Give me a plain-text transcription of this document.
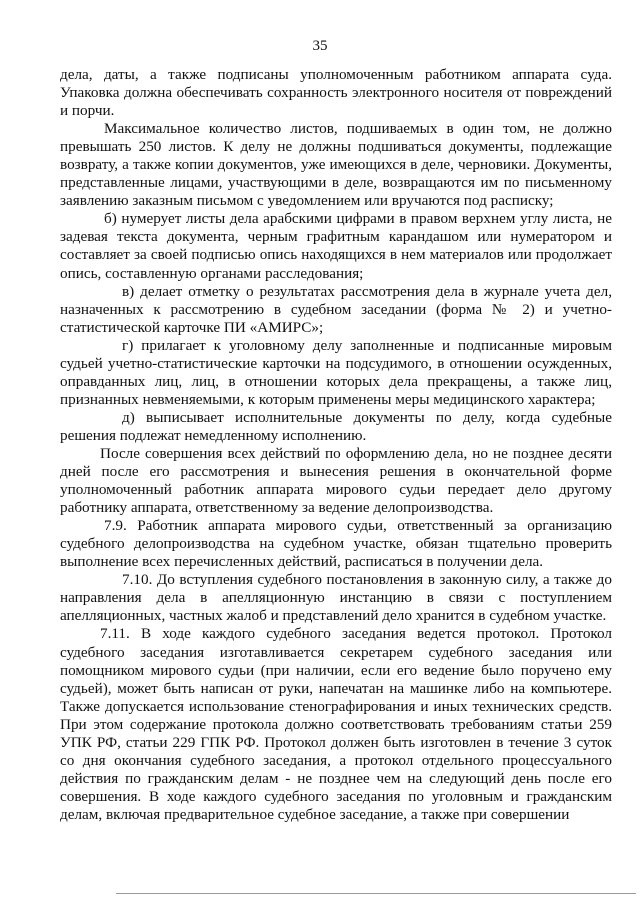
35

дела, даты, а также подписаны уполномоченным работником аппарата суда. Упаковка должна обеспечивать сохранность электронного носителя от повреждений и порчи.

Максимальное количество листов, подшиваемых в один том, не должно превышать 250 листов. К делу не должны подшиваться документы, подлежащие возврату, а также копии документов, уже имеющихся в деле, черновики. Документы, представленные лицами, участвующими в деле, возвращаются им по письменному заявлению заказным письмом с уведомлением или вручаются под расписку;

б) нумерует листы дела арабскими цифрами в правом верхнем углу листа, не задевая текста документа, черным графитным карандашом или нумератором и составляет за своей подписью опись находящихся в нем материалов или продолжает опись, составленную органами расследования;

в) делает отметку о результатах рассмотрения дела в журнале учета дел, назначенных к рассмотрению в судебном заседании (форма № 2) и учетно-статистической карточке ПИ «АМИРС»;

г) прилагает к уголовному делу заполненные и подписанные мировым судьей учетно-статистические карточки на подсудимого, в отношении осужденных, оправданных лиц, лиц, в отношении которых дела прекращены, а также лиц, признанных невменяемыми, к которым применены меры медицинского характера;

д) выписывает исполнительные документы по делу, когда судебные решения подлежат немедленному исполнению.

После совершения всех действий по оформлению дела, но не позднее десяти дней после его рассмотрения и вынесения решения в окончательной форме уполномоченный работник аппарата мирового судьи передает дело другому работнику аппарата, ответственному за ведение делопроизводства.

7.9. Работник аппарата мирового судьи, ответственный за организацию судебного делопроизводства на судебном участке, обязан тщательно проверить выполнение всех перечисленных действий, расписаться в получении дела.

7.10. До вступления судебного постановления в законную силу, а также до направления дела в апелляционную инстанцию в связи с поступлением апелляционных, частных жалоб и представлений дело хранится в судебном участке.

7.11. В ходе каждого судебного заседания ведется протокол. Протокол судебного заседания изготавливается секретарем судебного заседания или помощником мирового судьи (при наличии, если его ведение было поручено ему судьей), может быть написан от руки, напечатан на машинке либо на компьютере. Также допускается использование стенографирования и иных технических средств. При этом содержание протокола должно соответствовать требованиям статьи 259 УПК РФ, статьи 229 ГПК РФ. Протокол должен быть изготовлен в течение 3 суток со дня окончания судебного заседания, а протокол отдельного процессуального действия по гражданским делам - не позднее чем на следующий день после его совершения. В ходе каждого судебного заседания по уголовным и гражданским делам, включая предварительное судебное заседание, а также при совершении
